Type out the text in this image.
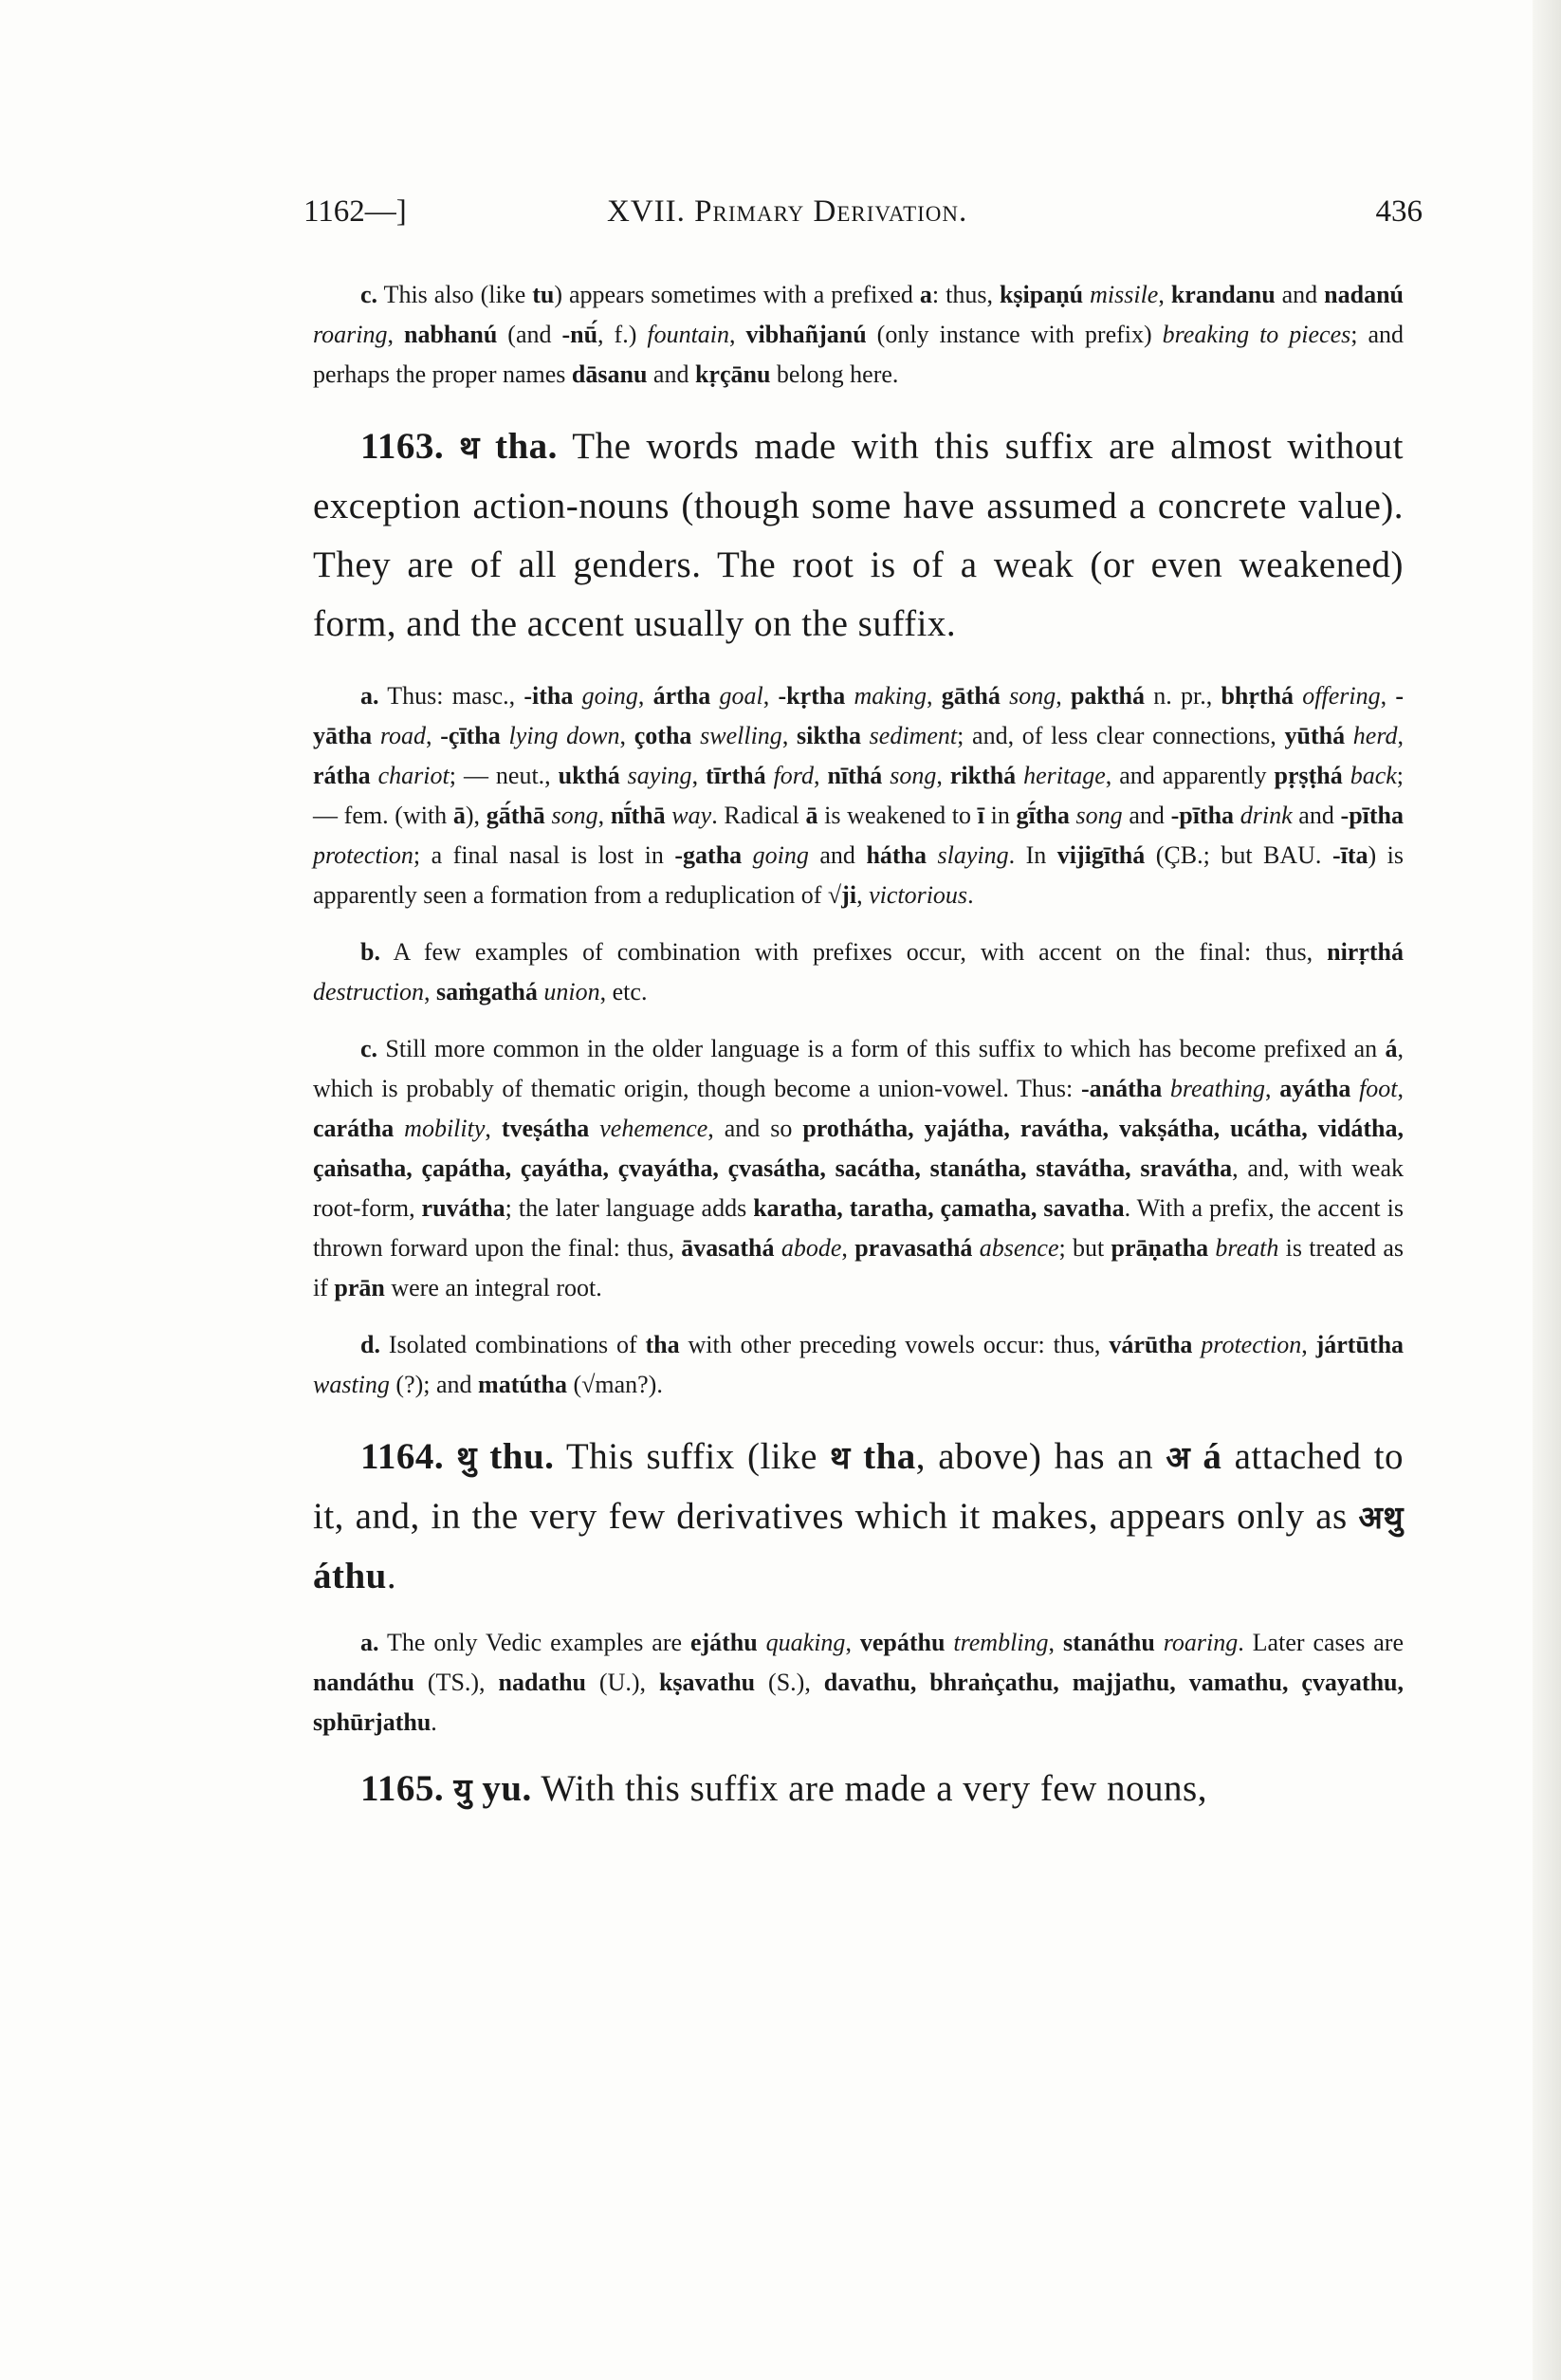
1162—]	XVII. Primary Derivation.	436

c. This also (like tu) appears sometimes with a prefixed a: thus, kṣipaṇú missile, krandanu and nadanú roaring, nabhanú (and -nū́, f.) fountain, vibhañjanú (only instance with prefix) breaking to pieces; and perhaps the proper names dāsanu and kṛçānu belong here.

1163. थ tha. The words made with this suffix are almost without exception action-nouns (though some have assumed a concrete value). They are of all genders. The root is of a weak (or even weakened) form, and the accent usually on the suffix.

a. Thus: masc., -itha going, ártha goal, -kṛtha making, gāthá song, pakthá n. pr., bhṛthá offering, -yātha road, -çītha lying down, çotha swelling, siktha sediment; and, of less clear connections, yūthá herd, rátha chariot; — neut., ukthá saying, tīrthá ford, nīthá song, rikthá heritage, and apparently pṛṣṭhá back; — fem. (with ā), gā́thā song, nī́thā way. Radical ā is weakened to ī in gī́tha song and -pītha drink and -pītha protection; a final nasal is lost in -gatha going and hátha slaying. In vijigīthá (ÇB.; but BAU. -īta) is apparently seen a formation from a reduplication of √ji, victorious.

b. A few examples of combination with prefixes occur, with accent on the final: thus, nirṛthá destruction, saṁgathá union, etc.

c. Still more common in the older language is a form of this suffix to which has become prefixed an á, which is probably of thematic origin, though become a union-vowel. Thus: -anátha breathing, ayátha foot, carátha mobility, tveṣátha vehemence, and so prothátha, yajátha, ravátha, vakṣátha, ucátha, vidátha, çaṅsatha, çapátha, çayátha, çvayátha, çvasátha, sacátha, stanátha, stavátha, sravátha, and, with weak root-form, ruvátha; the later language adds karatha, taratha, çamatha, savatha. With a prefix, the accent is thrown forward upon the final: thus, āvasathá abode, pravasathá absence; but prāṇatha breath is treated as if prān were an integral root.

d. Isolated combinations of tha with other preceding vowels occur: thus, várūtha protection, jártūtha wasting (?); and matútha (√man?).

1164. थु thu. This suffix (like थ tha, above) has an अ á attached to it, and, in the very few derivatives which it makes, appears only as अथु áthu.

a. The only Vedic examples are ejáthu quaking, vepáthu trembling, stanáthu roaring. Later cases are nandáthu (TS.), nadathu (U.), kṣavathu (S.), davathu, bhraṅçathu, majjathu, vamathu, çvayathu, sphūrjathu.

1165. यु yu. With this suffix are made a very few nouns,
